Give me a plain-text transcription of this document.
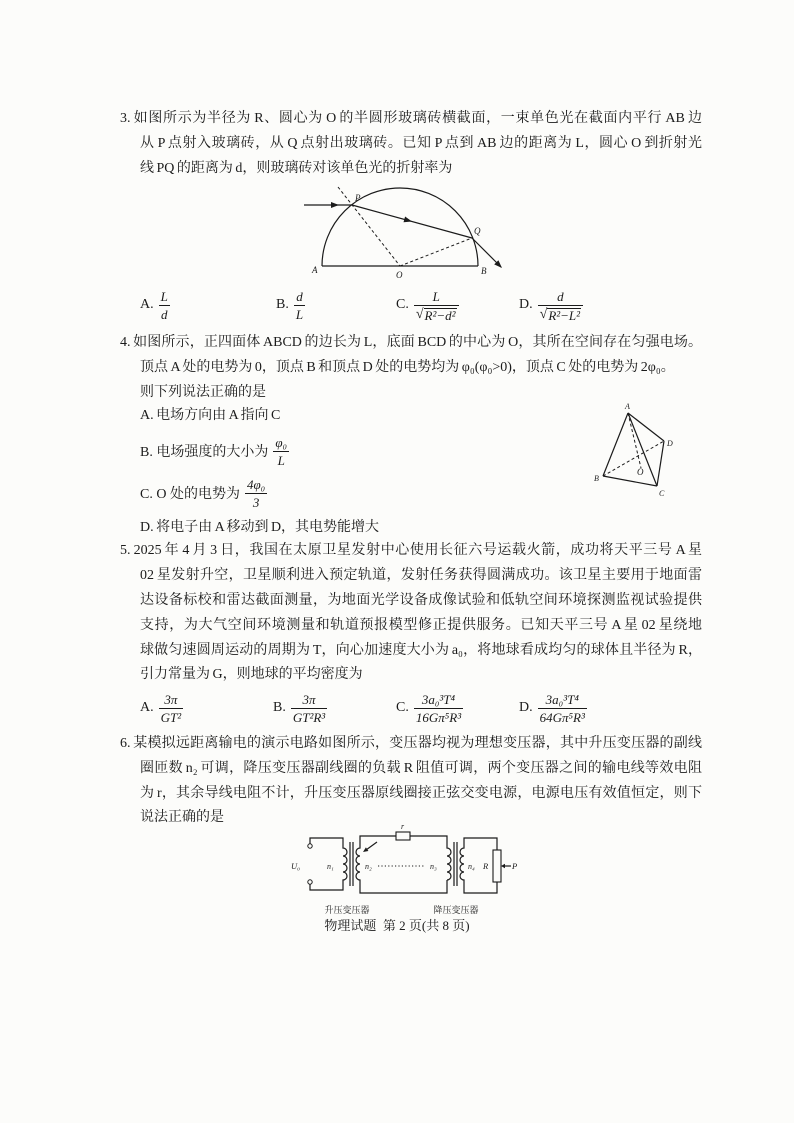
3. 如图所示为半径为 R、圆心为 O 的半圆形玻璃砖横截面，一束单色光在截面内平行 AB 边
从 P 点射入玻璃砖，从 Q 点射出玻璃砖。已知 P 点到 AB 边的距离为 L，圆心 O 到折射光
线 PQ 的距离为 d，则玻璃砖对该单色光的折射率为
A	O	B
P
Q
A. $\frac{L}{d}$	B. $\frac{d}{L}$	C. $\frac{L}{\text{√ R²−d²}}$	D. $\frac{d}{\text{√ R²−L²}}$
4. 如图所示，正四面体 ABCD 的边长为 L，底面 BCD 的中心为 O，其所在空间存在匀强电场。
顶点 A 处的电势为 0，顶点 B 和顶点 D 处的电势均为 φ₀(φ₀>0)，顶点 C 处的电势为 2φ₀。
则下列说法正确的是
A. 电场方向由 A 指向 C
B. 电场强度的大小为 $\frac{\text{φ₀}}{L}$
C. O 处的电势为 $\frac{\text{4φ₀}}{3}$
D. 将电子由 A 移动到 D，其电势能增大
A
B
C
D
O
5. 2025 年 4 月 3 日，我国在太原卫星发射中心使用长征六号运载火箭，成功将天平三号 A 星
02 星发射升空，卫星顺利进入预定轨道，发射任务获得圆满成功。该卫星主要用于地面雷
达设备标校和雷达截面测量，为地面光学设备成像试验和低轨空间环境探测监视试验提供
支持，为大气空间环境测量和轨道预报模型修正提供服务。已知天平三号 A 星 02 星绕地
球做匀速圆周运动的周期为 T，向心加速度大小为 a₀，将地球看成均匀的球体且半径为 R，
引力常量为 G，则地球的平均密度为
A. $\frac{3\pi}{\text{GT²}}$	B. $\frac{3\pi}{\text{GT²R³}}$	C. $\frac{\text{3a₀³T⁴}}{\text{16Gπ⁵R³}}$	D. $\frac{\text{3a₀³T⁴}}{\text{64Gπ⁵R³}}$
6. 某模拟远距离输电的演示电路如图所示，变压器均视为理想变压器，其中升压变压器的副线
圈匝数 n₂ 可调，降压变压器副线圈的负载 R 阻值可调，两个变压器之间的输电线等效电阻
为 r，其余导线电阻不计，升压变压器原线圈接正弦交变电源，电源电压有效值恒定，则下
说法正确的是
U₀	n₁	n₂
r
n₃	n₄ R	P
升压变压器	降压变压器
物理试题  第 2 页(共 8 页)
